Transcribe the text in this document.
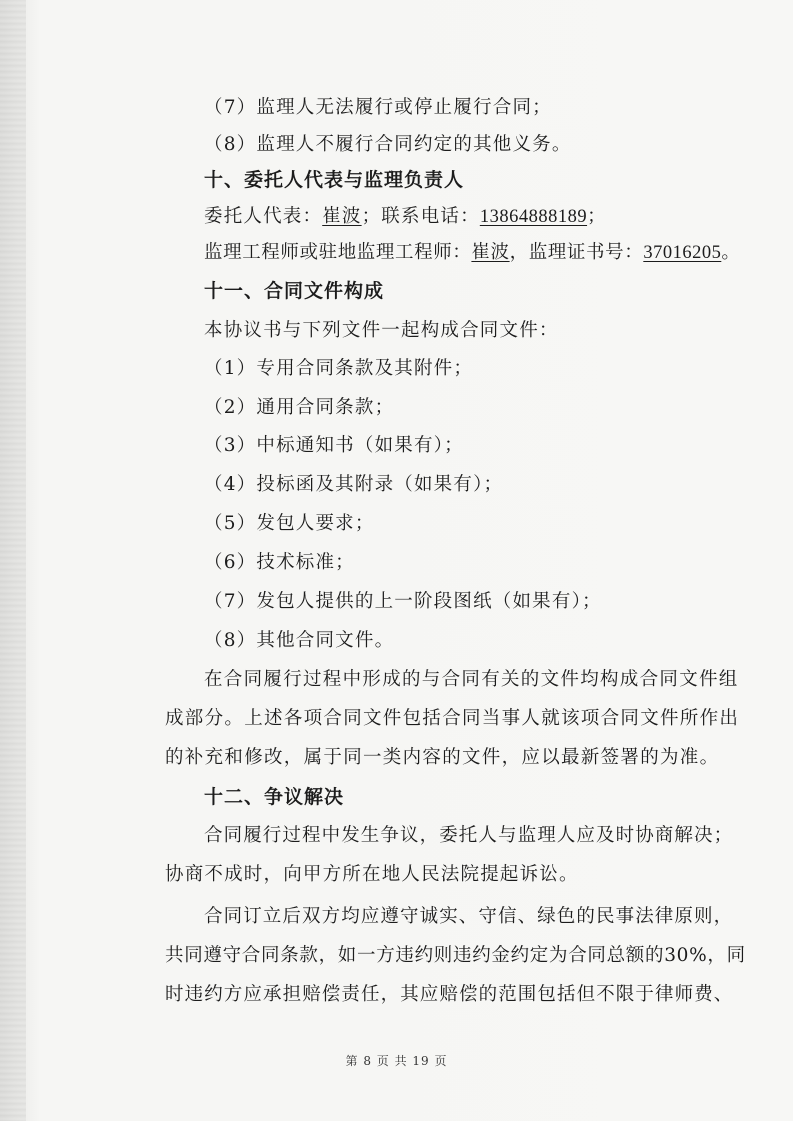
（7）监理人无法履行或停止履行合同；
（8）监理人不履行合同约定的其他义务。
十、委托人代表与监理负责人
委托人代表：崔波；联系电话：13864888189；
监理工程师或驻地监理工程师：崔波，监理证书号：37016205。
十一、合同文件构成
本协议书与下列文件一起构成合同文件：
（1）专用合同条款及其附件；
（2）通用合同条款；
（3）中标通知书（如果有）；
（4）投标函及其附录（如果有）；
（5）发包人要求；
（6）技术标准；
（7）发包人提供的上一阶段图纸（如果有）；
（8）其他合同文件。
在合同履行过程中形成的与合同有关的文件均构成合同文件组
成部分。上述各项合同文件包括合同当事人就该项合同文件所作出
的补充和修改，属于同一类内容的文件，应以最新签署的为准。
十二、争议解决
合同履行过程中发生争议，委托人与监理人应及时协商解决；
协商不成时，向甲方所在地人民法院提起诉讼。
合同订立后双方均应遵守诚实、守信、绿色的民事法律原则，
共同遵守合同条款，如一方违约则违约金约定为合同总额的30%，同
时违约方应承担赔偿责任，其应赔偿的范围包括但不限于律师费、
第 8 页 共 19 页
